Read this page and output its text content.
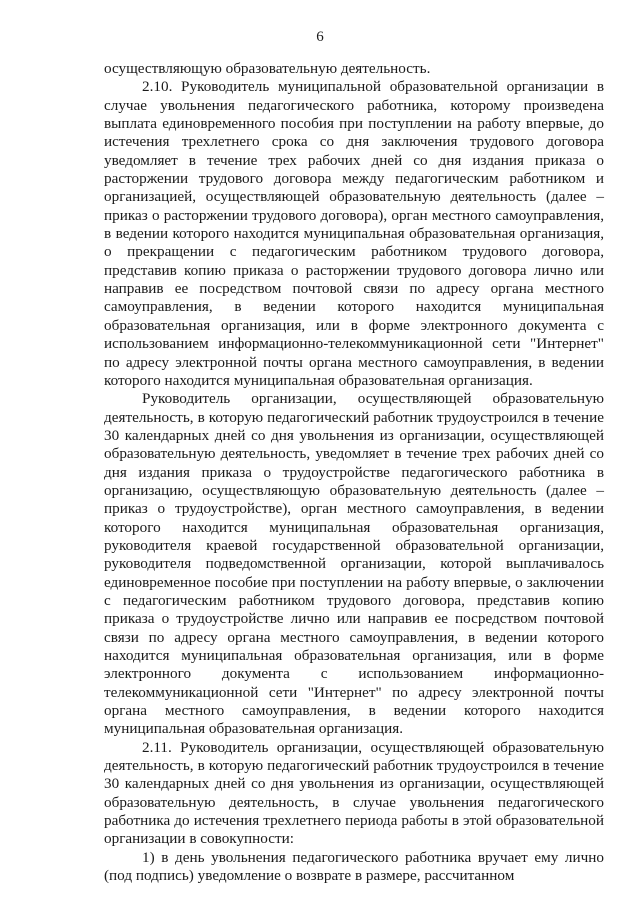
6

осуществляющую образовательную деятельность.

2.10. Руководитель муниципальной образовательной организации в случае увольнения педагогического работника, которому произведена выплата единовременного пособия при поступлении на работу впервые, до истечения трехлетнего срока со дня заключения трудового договора уведомляет в течение трех рабочих дней со дня издания приказа о расторжении трудового договора между педагогическим работником и организацией, осуществляющей образовательную деятельность (далее – приказ о расторжении трудового договора), орган местного самоуправления, в ведении которого находится муниципальная образовательная организация, о прекращении с педагогическим работником трудового договора, представив копию приказа о расторжении трудового договора лично или направив ее посредством почтовой связи по адресу органа местного самоуправления, в ведении которого находится муниципальная образовательная организация, или в форме электронного документа с использованием информационно-телекоммуникационной сети "Интернет" по адресу электронной почты органа местного самоуправления, в ведении которого находится муниципальная образовательная организация.

Руководитель организации, осуществляющей образовательную деятельность, в которую педагогический работник трудоустроился в течение 30 календарных дней со дня увольнения из организации, осуществляющей образовательную деятельность, уведомляет в течение трех рабочих дней со дня издания приказа о трудоустройстве педагогического работника в организацию, осуществляющую образовательную деятельность (далее – приказ о трудоустройстве), орган местного самоуправления, в ведении которого находится муниципальная образовательная организация, руководителя краевой государственной образовательной организации, руководителя подведомственной организации, которой выплачивалось единовременное пособие при поступлении на работу впервые, о заключении с педагогическим работником трудового договора, представив копию приказа о трудоустройстве лично или направив ее посредством почтовой связи по адресу органа местного самоуправления, в ведении которого находится муниципальная образовательная организация, или в форме электронного документа с использованием информационно-телекоммуникационной сети "Интернет" по адресу электронной почты органа местного самоуправления, в ведении которого находится муниципальная образовательная организация.

2.11. Руководитель организации, осуществляющей образовательную деятельность, в которую педагогический работник трудоустроился в течение 30 календарных дней со дня увольнения из организации, осуществляющей образовательную деятельность, в случае увольнения педагогического работника до истечения трехлетнего периода работы в этой образовательной организации в совокупности:

1) в день увольнения педагогического работника вручает ему лично (под подпись) уведомление о возврате в размере, рассчитанном
